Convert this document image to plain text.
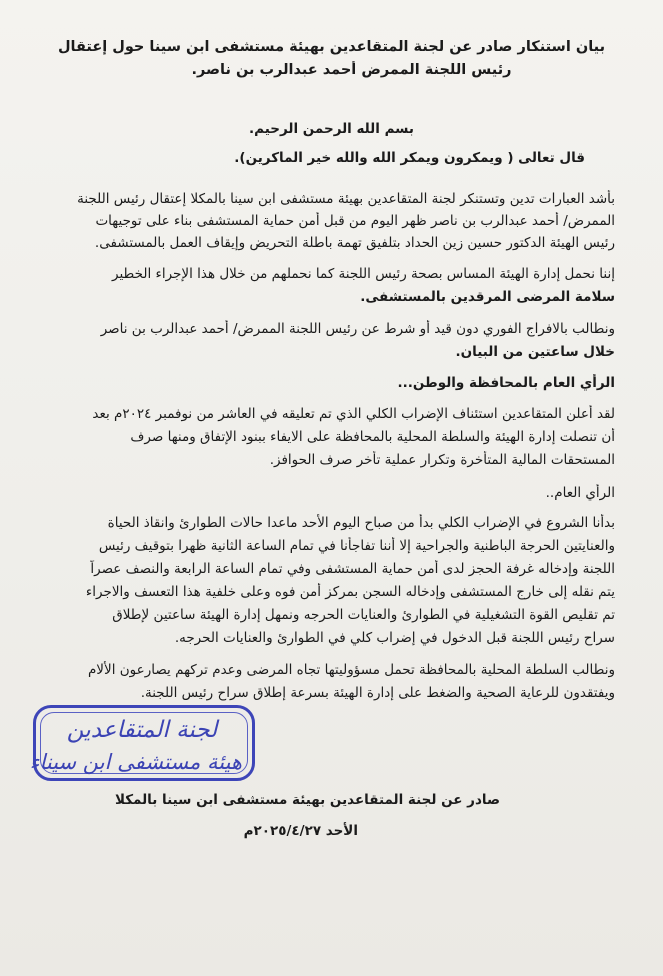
بيان استنكار صادر عن لجنة المتقاعدين بهيئة مستشفى ابن سينا حول إعتقال
رئيس اللجنة الممرض أحمد عبدالرب بن ناصر.
بسم الله الرحمن الرحيم.
قال تعالى ( ويمكرون ويمكر الله والله خير الماكرين).
بأشد العبارات تدين وتستنكر لجنة المتقاعدين بهيئة مستشفى ابن سينا بالمكلا إعتقال رئيس اللجنة
الممرض/ أحمد عبدالرب بن ناصر ظهر اليوم من قبل أمن حماية المستشفى بناء على توجيهات
رئيس الهيئة الدكتور حسين زين الحداد بتلفيق تهمة باطلة التحريض وإيقاف العمل بالمستشفى.
إننا نحمل إدارة الهيئة المساس بصحة رئيس اللجنة كما نحملهم من خلال هذا الإجراء الخطير
سلامة المرضى المرقدين بالمستشفى.
ونطالب بالافراج الفوري دون قيد أو شرط عن رئيس اللجنة الممرض/ أحمد عبدالرب بن ناصر
خلال ساعتين من البيان.
الرأي العام بالمحافظة والوطن...
لقد أعلن المتقاعدين استئناف الإضراب الكلي الذي تم تعليقه في العاشر من نوفمبر ٢٠٢٤م بعد
أن تنصلت إدارة الهيئة والسلطة المحلية بالمحافظة على الايفاء ببنود الإتفاق ومنها صرف
المستحقات المالية المتأخرة وتكرار عملية تأخر صرف الحوافز.
الرأي العام..
بدأنا الشروع في الإضراب الكلي بدأ من صباح اليوم الأحد ماعدا حالات الطوارئ وانقاذ الحياة
والعنايتين الحرجة الباطنية والجراحية إلا أننا تفاجأنا في تمام الساعة الثانية ظهرا بتوقيف رئيس
اللجنة وإدخاله غرفة الحجز لدى أمن حماية المستشفى وفي تمام الساعة الرابعة والنصف عصراً
يتم نقله إلى خارج المستشفى وإدخاله السجن بمركز أمن فوه وعلى خلفية هذا التعسف والاجراء
تم تقليص القوة التشغيلية في الطوارئ والعنايات الحرجه ونمهل إدارة الهيئة ساعتين لإطلاق
سراح رئيس اللجنة قبل الدخول في إضراب كلي في الطوارئ والعنايات الحرجه.
ونطالب السلطة المحلية بالمحافظة تحمل مسؤوليتها تجاه المرضى وعدم تركهم يصارعون الألام
ويفتقدون للرعاية الصحية والضغط على إدارة الهيئة بسرعة إطلاق سراح رئيس اللجنة.
لجنة المتقاعدين
هيئة مستشفى ابن سيناء
صادر عن لجنة المتقاعدين بهيئة مستشفى ابن سينا بالمكلا
الأحد ٢٠٢٥/٤/٢٧م
